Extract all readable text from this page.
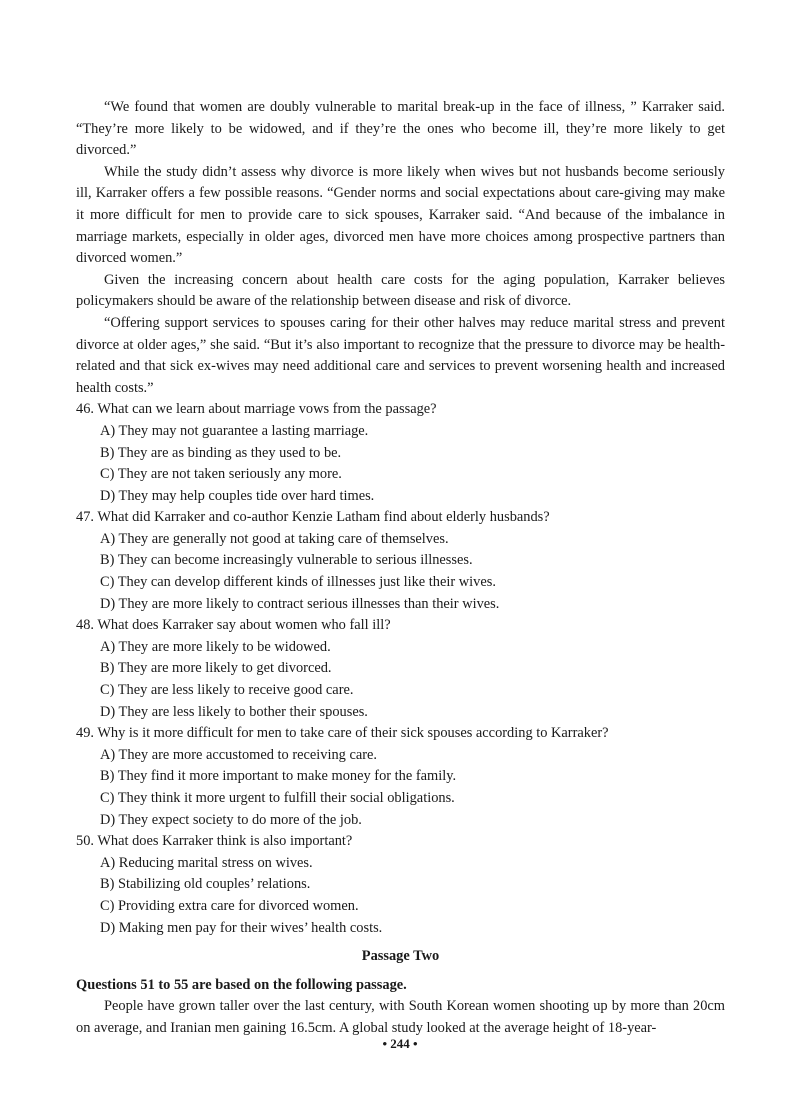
“We found that women are doubly vulnerable to marital break-up in the face of illness, ” Karraker said. “They’re more likely to be widowed, and if they’re the ones who become ill, they’re more likely to get divorced.”

While the study didn’t assess why divorce is more likely when wives but not husbands become seriously ill, Karraker offers a few possible reasons. “Gender norms and social expectations about care-giving may make it more difficult for men to provide care to sick spouses, Karraker said. “And because of the imbalance in marriage markets, especially in older ages, divorced men have more choices among prospective partners than divorced women.”

Given the increasing concern about health care costs for the aging population, Karraker believes policymakers should be aware of the relationship between disease and risk of divorce.

“Offering support services to spouses caring for their other halves may reduce marital stress and prevent divorce at older ages,” she said. “But it’s also important to recognize that the pressure to divorce may be health-related and that sick ex-wives may need additional care and services to prevent worsening health and increased health costs.”

46. What can we learn about marriage vows from the passage?

A) They may not guarantee a lasting marriage.

B) They are as binding as they used to be.

C) They are not taken seriously any more.

D) They may help couples tide over hard times.

47. What did Karraker and co-author Kenzie Latham find about elderly husbands?

A) They are generally not good at taking care of themselves.

B) They can become increasingly vulnerable to serious illnesses.

C) They can develop different kinds of illnesses just like their wives.

D) They are more likely to contract serious illnesses than their wives.

48. What does Karraker say about women who fall ill?

A) They are more likely to be widowed.

B) They are more likely to get divorced.

C) They are less likely to receive good care.

D) They are less likely to bother their spouses.

49. Why is it more difficult for men to take care of their sick spouses according to Karraker?

A) They are more accustomed to receiving care.

B) They find it more important to make money for the family.

C) They think it more urgent to fulfill their social obligations.

D) They expect society to do more of the job.

50. What does Karraker think is also important?

A) Reducing marital stress on wives.

B) Stabilizing old couples’ relations.

C) Providing extra care for divorced women.

D) Making men pay for their wives’ health costs.

Passage Two

Questions 51 to 55 are based on the following passage.

People have grown taller over the last century, with South Korean women shooting up by more than 20cm on average, and Iranian men gaining 16.5cm. A global study looked at the average height of 18-year-

• 244 •
